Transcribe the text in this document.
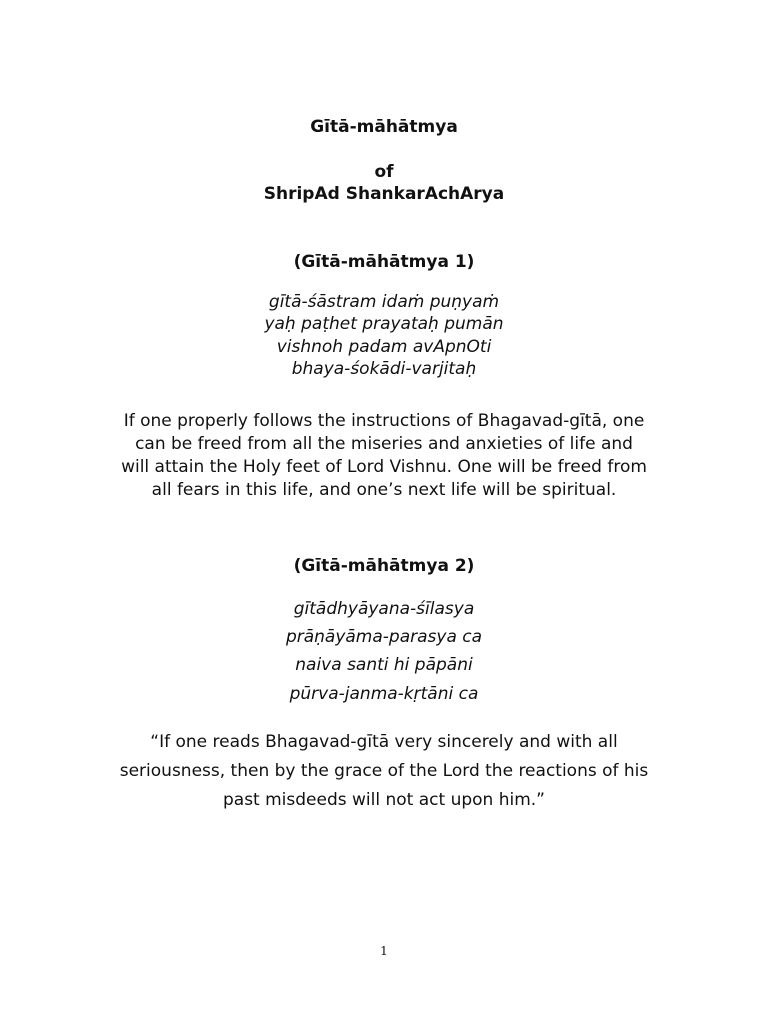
Gītā-māhātmya

of

ShripAd ShankarAchArya

(Gītā-māhātmya 1)

gītā-śāstram idaṁ puṇyaṁ

yaḥ paṭhet prayataḥ pumān

vishnoh padam avApnOti

bhaya-śokādi-varjitaḥ

If one properly follows the instructions of Bhagavad-gītā, one

can be freed from all the miseries and anxieties of life and

will attain the Holy feet of Lord Vishnu. One will be freed from

all fears in this life, and one’s next life will be spiritual.

(Gītā-māhātmya 2)

gītādhyāyana-śīlasya

prāṇāyāma-parasya ca

naiva santi hi pāpāni

pūrva-janma-kṛtāni ca

“If one reads Bhagavad-gītā very sincerely and with all

seriousness, then by the grace of the Lord the reactions of his

past misdeeds will not act upon him.”

1
